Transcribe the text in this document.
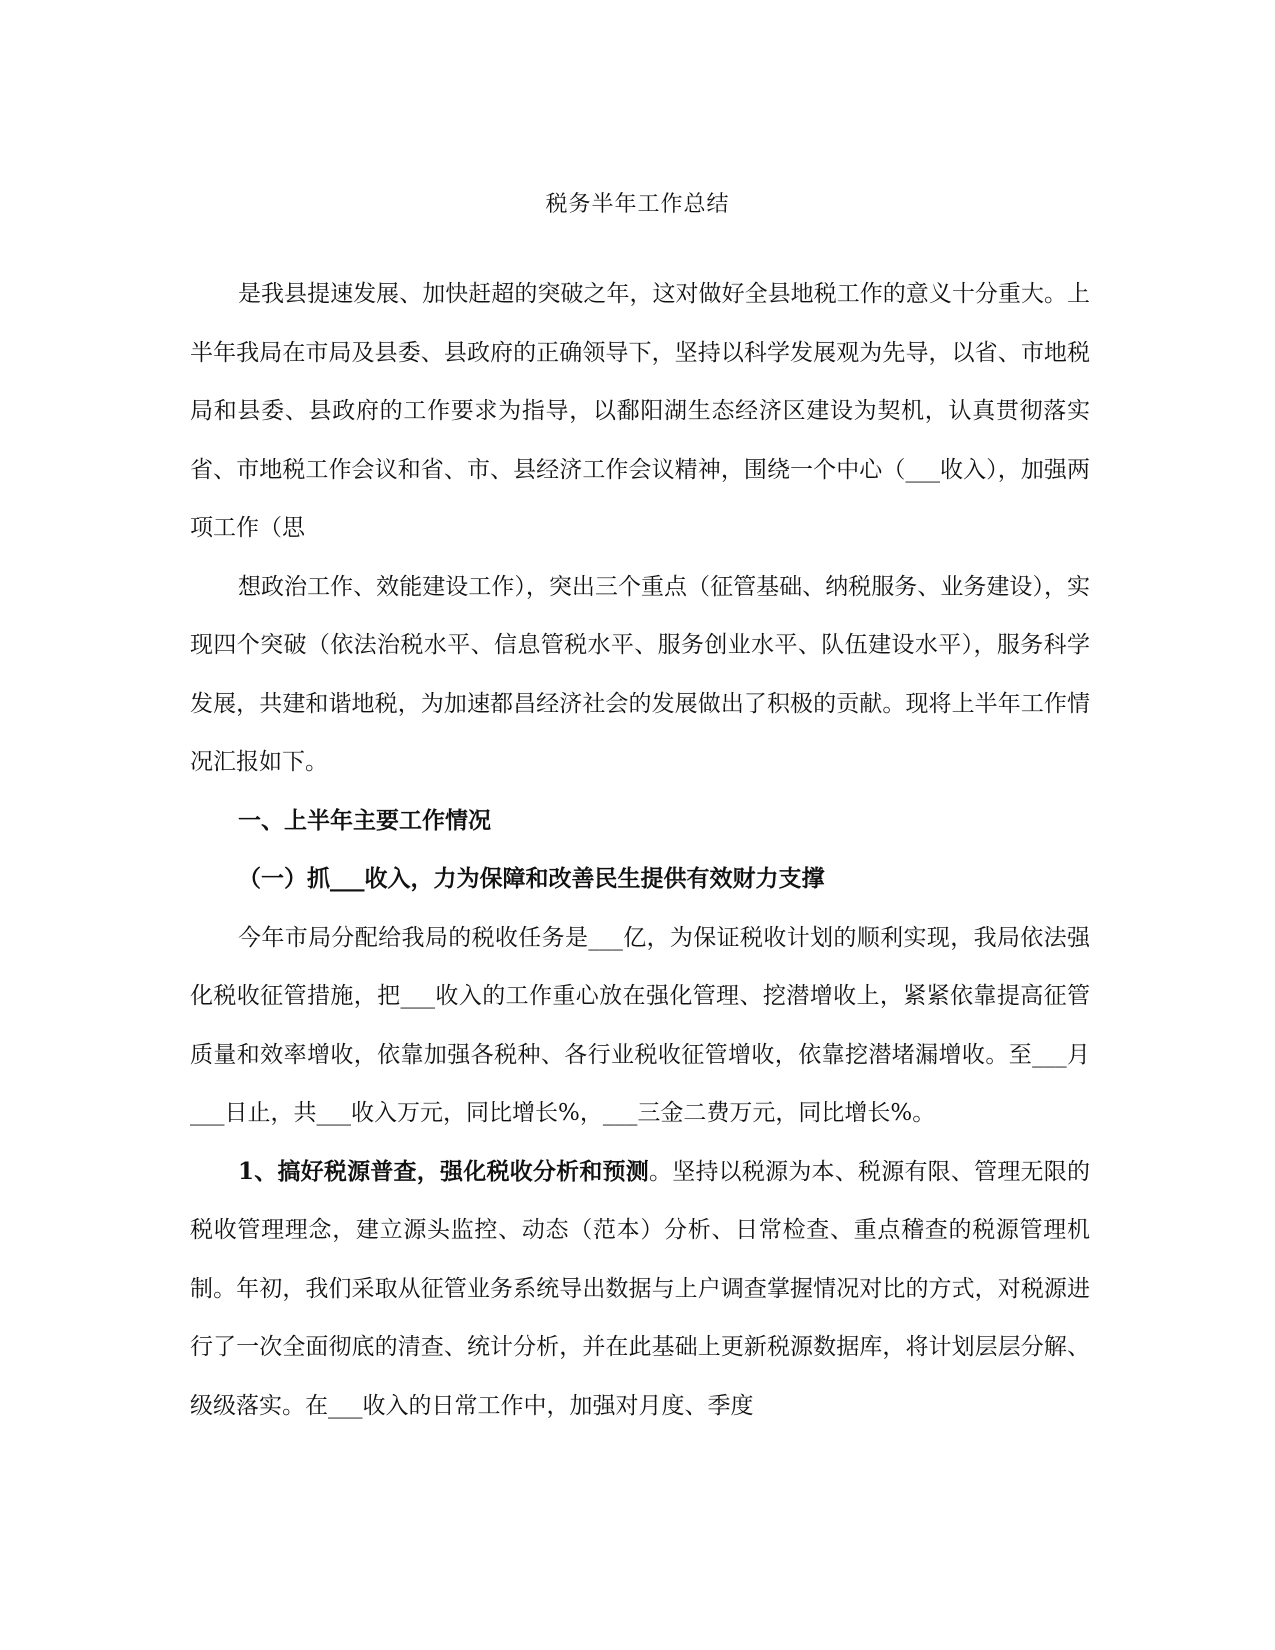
税务半年工作总结

是我县提速发展、加快赶超的突破之年，这对做好全县地税工作的意义十分重大。上半年我局在市局及县委、县政府的正确领导下，坚持以科学发展观为先导，以省、市地税局和县委、县政府的工作要求为指导，以鄱阳湖生态经济区建设为契机，认真贯彻落实省、市地税工作会议和省、市、县经济工作会议精神，围绕一个中心（___收入），加强两项工作（思

想政治工作、效能建设工作），突出三个重点（征管基础、纳税服务、业务建设），实现四个突破（依法治税水平、信息管税水平、服务创业水平、队伍建设水平），服务科学发展，共建和谐地税，为加速都昌经济社会的发展做出了积极的贡献。现将上半年工作情况汇报如下。

一、上半年主要工作情况

（一）抓___收入，力为保障和改善民生提供有效财力支撑

今年市局分配给我局的税收任务是___亿，为保证税收计划的顺利实现，我局依法强化税收征管措施，把___收入的工作重心放在强化管理、挖潜增收上，紧紧依靠提高征管质量和效率增收，依靠加强各税种、各行业税收征管增收，依靠挖潜堵漏增收。至___月___日止，共___收入万元，同比增长%，___三金二费万元，同比增长%。

1、搞好税源普查，强化税收分析和预测。坚持以税源为本、税源有限、管理无限的税收管理理念，建立源头监控、动态（范本）分析、日常检查、重点稽查的税源管理机制。年初，我们采取从征管业务系统导出数据与上户调查掌握情况对比的方式，对税源进行了一次全面彻底的清查、统计分析，并在此基础上更新税源数据库，将计划层层分解、级级落实。在___收入的日常工作中，加强对月度、季度
